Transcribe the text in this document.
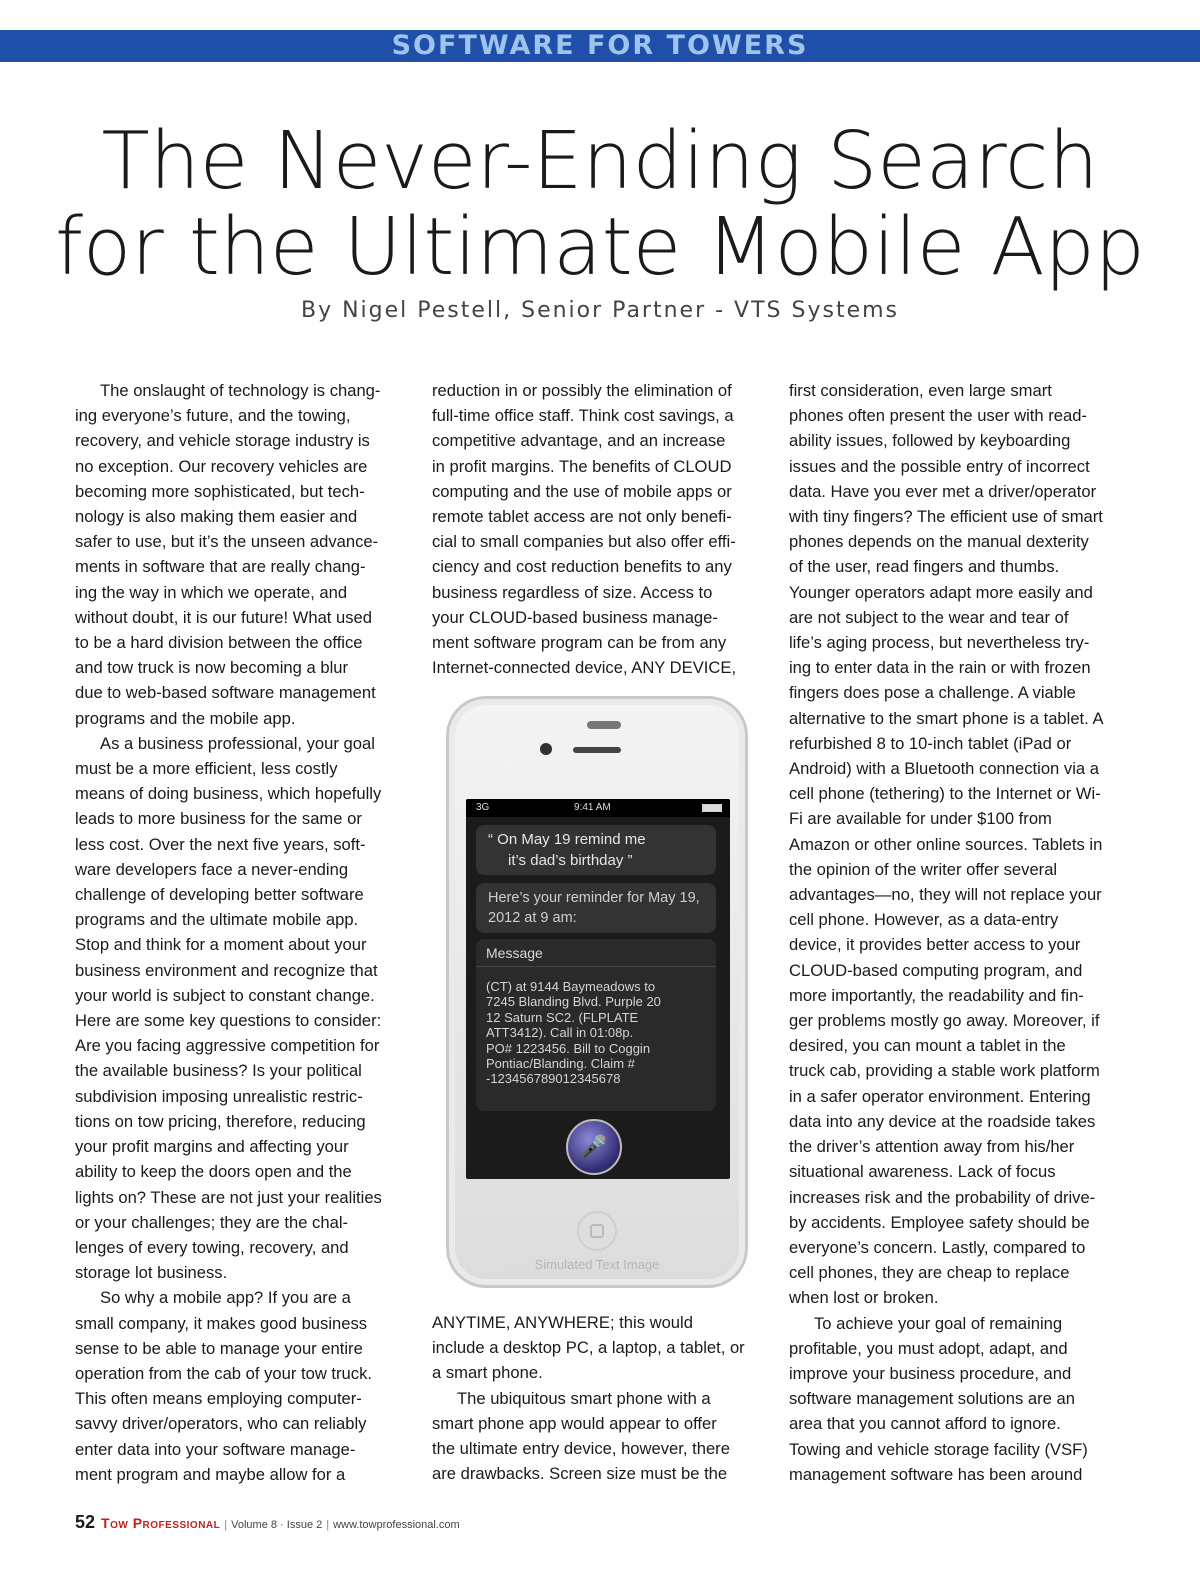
SOFTWARE FOR TOWERS
The Never-Ending Search
for the Ultimate Mobile App
By Nigel Pestell, Senior Partner - VTS Systems

The onslaught of technology is chang-

ing everyone’s future, and the towing,

recovery, and vehicle storage industry is

no exception. Our recovery vehicles are

becoming more sophisticated, but tech-

nology is also making them easier and

safer to use, but it’s the unseen advance-

ments in software that are really chang-

ing the way in which we operate, and

without doubt, it is our future! What used

to be a hard division between the office

and tow truck is now becoming a blur

due to web-based software management

programs and the mobile app.

As a business professional, your goal

must be a more efficient, less costly

means of doing business, which hopefully

leads to more business for the same or

less cost. Over the next five years, soft-

ware developers face a never-ending

challenge of developing better software

programs and the ultimate mobile app.

Stop and think for a moment about your

business environment and recognize that

your world is subject to constant change.

Here are some key questions to consider:

Are you facing aggressive competition for

the available business? Is your political

subdivision imposing unrealistic restric-

tions on tow pricing, therefore, reducing

your profit margins and affecting your

ability to keep the doors open and the

lights on? These are not just your realities

or your challenges; they are the chal-

lenges of every towing, recovery, and

storage lot business.

So why a mobile app? If you are a

small company, it makes good business

sense to be able to manage your entire

operation from the cab of your tow truck.

This often means employing computer-

savvy driver/operators, who can reliably

enter data into your software manage-

ment program and maybe allow for a

reduction in or possibly the elimination of

full-time office staff. Think cost savings, a

competitive advantage, and an increase

in profit margins. The benefits of CLOUD

computing and the use of mobile apps or

remote tablet access are not only benefi-

cial to small companies but also offer effi-

ciency and cost reduction benefits to any

business regardless of size. Access to

your CLOUD-based business manage-

ment software program can be from any

Internet-connected device, ANY DEVICE,

3G	9:41 AM
“ On May 19 remind me
it’s dad’s birthday ”
Here’s your reminder for May 19, 2012 at 9 am:
Message
(CT) at 9144 Baymeadows to
7245 Blanding Blvd. Purple 20
12 Saturn SC2. (FLPLATE
ATT3412). Call in 01:08p.
PO# 1223456. Bill to Coggin
Pontiac/Blanding. Claim #
-123456789012345678
🎤
Simulated Text Image

ANYTIME, ANYWHERE; this would

include a desktop PC, a laptop, a tablet, or

a smart phone.

The ubiquitous smart phone with a

smart phone app would appear to offer

the ultimate entry device, however, there

are drawbacks. Screen size must be the

first consideration, even large smart

phones often present the user with read-

ability issues, followed by keyboarding

issues and the possible entry of incorrect

data. Have you ever met a driver/operator

with tiny fingers? The efficient use of smart

phones depends on the manual dexterity

of the user, read fingers and thumbs.

Younger operators adapt more easily and

are not subject to the wear and tear of

life’s aging process, but nevertheless try-

ing to enter data in the rain or with frozen

fingers does pose a challenge. A viable

alternative to the smart phone is a tablet. A

refurbished 8 to 10-inch tablet (iPad or

Android) with a Bluetooth connection via a

cell phone (tethering) to the Internet or Wi-

Fi are available for under $100 from

Amazon or other online sources. Tablets in

the opinion of the writer offer several

advantages—no, they will not replace your

cell phone. However, as a data-entry

device, it provides better access to your

CLOUD-based computing program, and

more importantly, the readability and fin-

ger problems mostly go away. Moreover, if

desired, you can mount a tablet in the

truck cab, providing a stable work platform

in a safer operator environment. Entering

data into any device at the roadside takes

the driver’s attention away from his/her

situational awareness. Lack of focus

increases risk and the probability of drive-

by accidents. Employee safety should be

everyone’s concern. Lastly, compared to

cell phones, they are cheap to replace

when lost or broken.

To achieve your goal of remaining

profitable, you must adopt, adapt, and

improve your business procedure, and

software management solutions are an

area that you cannot afford to ignore.

Towing and vehicle storage facility (VSF)

management software has been around

52 Tow Professional | Volume 8 · Issue 2 | www.towprofessional.com
